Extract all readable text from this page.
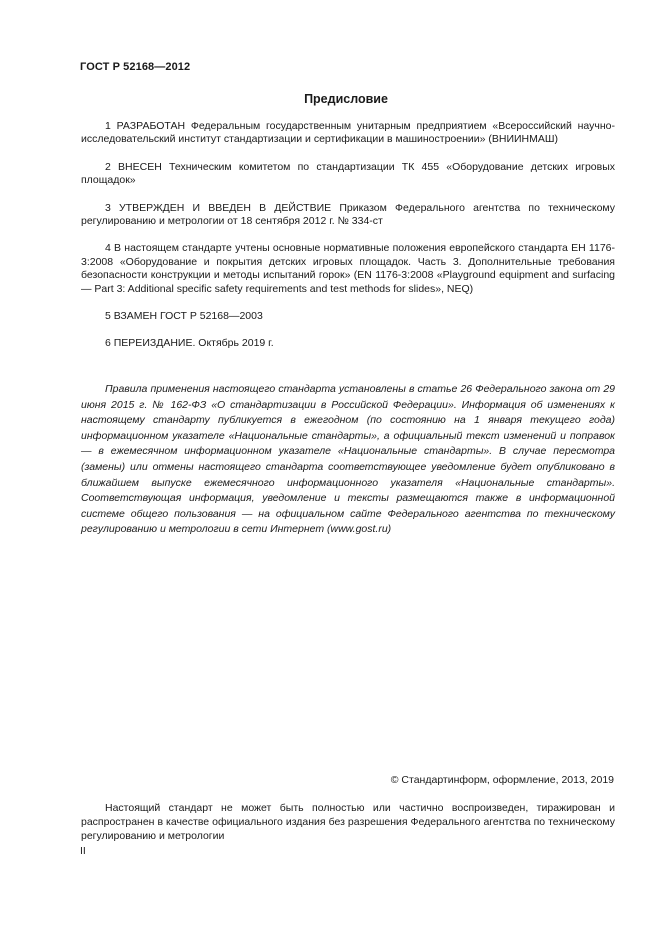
ГОСТ Р 52168—2012
Предисловие

1 РАЗРАБОТАН Федеральным государственным унитарным предприятием «Всероссийский научно-исследовательский институт стандартизации и сертификации в машиностроении» (ВНИИНМАШ)

2 ВНЕСЕН Техническим комитетом по стандартизации ТК 455 «Оборудование детских игровых площадок»

3 УТВЕРЖДЕН И ВВЕДЕН В ДЕЙСТВИЕ Приказом Федерального агентства по техническому регулированию и метрологии от 18 сентября 2012 г. № 334-ст

4 В настоящем стандарте учтены основные нормативные положения европейского стандарта ЕН 1176-3:2008 «Оборудование и покрытия детских игровых площадок. Часть 3. Дополнительные требования безопасности конструкции и методы испытаний горок» (EN 1176-3:2008 «Playground equipment and surfacing — Part 3: Additional specific safety requirements and test methods for slides», NEQ)

5 ВЗАМЕН ГОСТ Р 52168—2003

6 ПЕРЕИЗДАНИЕ. Октябрь 2019 г.

Правила применения настоящего стандарта установлены в статье 26 Федерального закона от 29 июня 2015 г. № 162-ФЗ «О стандартизации в Российской Федерации». Информация об изменениях к настоящему стандарту публикуется в ежегодном (по состоянию на 1 января текущего года) информационном указателе «Национальные стандарты», а официальный текст изменений и поправок — в ежемесячном информационном указателе «Национальные стандарты». В случае пересмотра (замены) или отмены настоящего стандарта соответствующее уведомление будет опубликовано в ближайшем выпуске ежемесячного информационного указателя «Национальные стандарты». Соответствующая информация, уведомление и тексты размещаются также в информационной системе общего пользования — на официальном сайте Федерального агентства по техническому регулированию и метрологии в сети Интернет (www.gost.ru)

© Стандартинформ, оформление, 2013, 2019

Настоящий стандарт не может быть полностью или частично воспроизведен, тиражирован и распространен в качестве официального издания без разрешения Федерального агентства по техническому регулированию и метрологии

II
